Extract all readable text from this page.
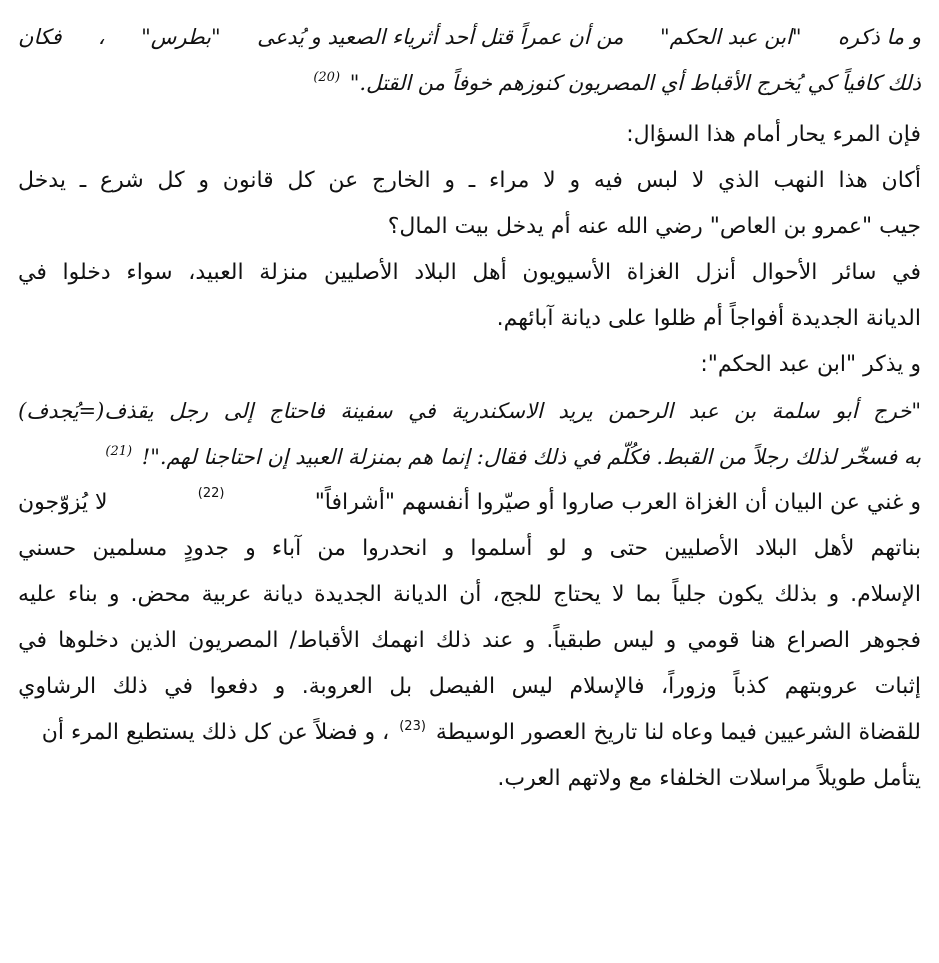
و ما ذكره
"ابن عبد الحكم"
من أن عمراً قتل أحد أثرياء الصعيد و يُدعى
"بطرس"
،
فكان
ذلك كافياً كي يُخرج الأقباط أي المصريون كنوزهم خوفاً من القتل." $^{(20)}$
فإن المرء يحار أمام هذا السؤال:
أكان
هذا
النهب
الذي
لا
لبس
فيه
و
لا
مراء
ـ
و
الخارج
عن
كل
قانون
و
كل
شرع
ـ
يدخل
جيب "عمرو بن العاص" رضي الله عنه أم يدخل بيت المال؟
في
سائر
الأحوال
أنزل
الغزاة
الأسيويون
أهل
البلاد
الأصليين
منزلة
العبيد،
سواء
دخلوا
في
الديانة الجديدة أفواجاً أم ظلوا على ديانة آبائهم.
و يذكر "ابن عبد الحكم":
"خرج
أبو
سلمة
بن
عبد
الرحمن
يريد
الاسكندرية
في
سفينة
فاحتاج
إلى
رجل
يقذف(=يُجدف)
به فسخّر لذلك رجلاً من القبط. فكُلّم في ذلك فقال: إنما هم بمنزلة العبيد إن احتاجنا لهم."! $^{(21)}$
و غني عن البيان أن الغزاة العرب صاروا أو صيّروا أنفسهم "أشرافاً"
(22)
لا يُزوّجون
بناتهم
لأهل
البلاد
الأصليين
حتى
و
لو
أسلموا
و
انحدروا
من
آباء
و
جدودٍ
مسلمين
حسني
الإسلام.
و
بذلك
يكون
جلياً
بما
لا
يحتاج
للجج،
أن
الديانة
الجديدة
ديانة
عربية
محض.
و
بناء
عليه
فجوهر
الصراع
هنا
قومي
و
ليس
طبقياً.
و
عند
ذلك
انهمك
الأقباط/
المصريون
الذين
دخلوها
في
إثبات
عروبتهم
كذباً
وزوراً،
فالإسلام
ليس
الفيصل
بل
العروبة.
و
دفعوا
في
ذلك
الرشاوي
للقضاة الشرعيين فيما وعاه لنا تاريخ العصور الوسيطة $^{(23)}$ ، و فضلاً عن كل ذلك يستطيع المرء أن
يتأمل طويلاً مراسلات الخلفاء مع ولاتهم العرب.
